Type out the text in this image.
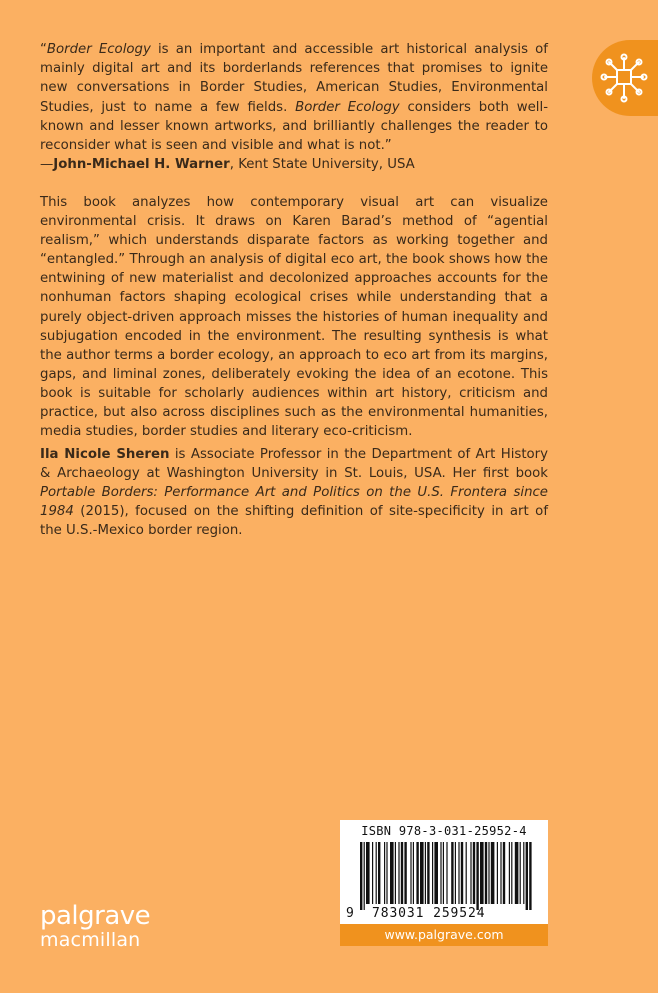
“Border Ecology is an important and accessible art historical analysis of mainly digital art and its borderlands references that promises to ignite new conversations in Border Studies, American Studies, Environmental Studies, just to name a few fields. Border Ecology considers both well-known and lesser known artworks, and brilliantly challenges the reader to reconsider what is seen and visible and what is not.”

—John-Michael H. Warner, Kent State University, USA

This book analyzes how contemporary visual art can visualize environmental crisis. It draws on Karen Barad’s method of “agential realism,” which understands disparate factors as working together and “entangled.” Through an analysis of digital eco art, the book shows how the entwining of new materialist and decolonized approaches accounts for the nonhuman factors shaping ecological crises while understanding that a purely object-driven approach misses the histories of human inequality and subjugation encoded in the environment. The resulting synthesis is what the author terms a border ecology, an approach to eco art from its margins, gaps, and liminal zones, deliberately evoking the idea of an ecotone. This book is suitable for scholarly audiences within art history, criticism and practice, but also across disciplines such as the environmental humanities, media studies, border studies and literary eco-criticism.

Ila Nicole Sheren is Associate Professor in the Department of Art History & Archaeology at Washington University in St. Louis, USA. Her first book Portable Borders: Performance Art and Politics on the U.S. Frontera since 1984 (2015), focused on the shifting definition of site-specificity in art of the U.S.-Mexico border region.

palgrave
macmillan
ISBN 978-3-031-25952-4
9 783031 259524
www.palgrave.com
